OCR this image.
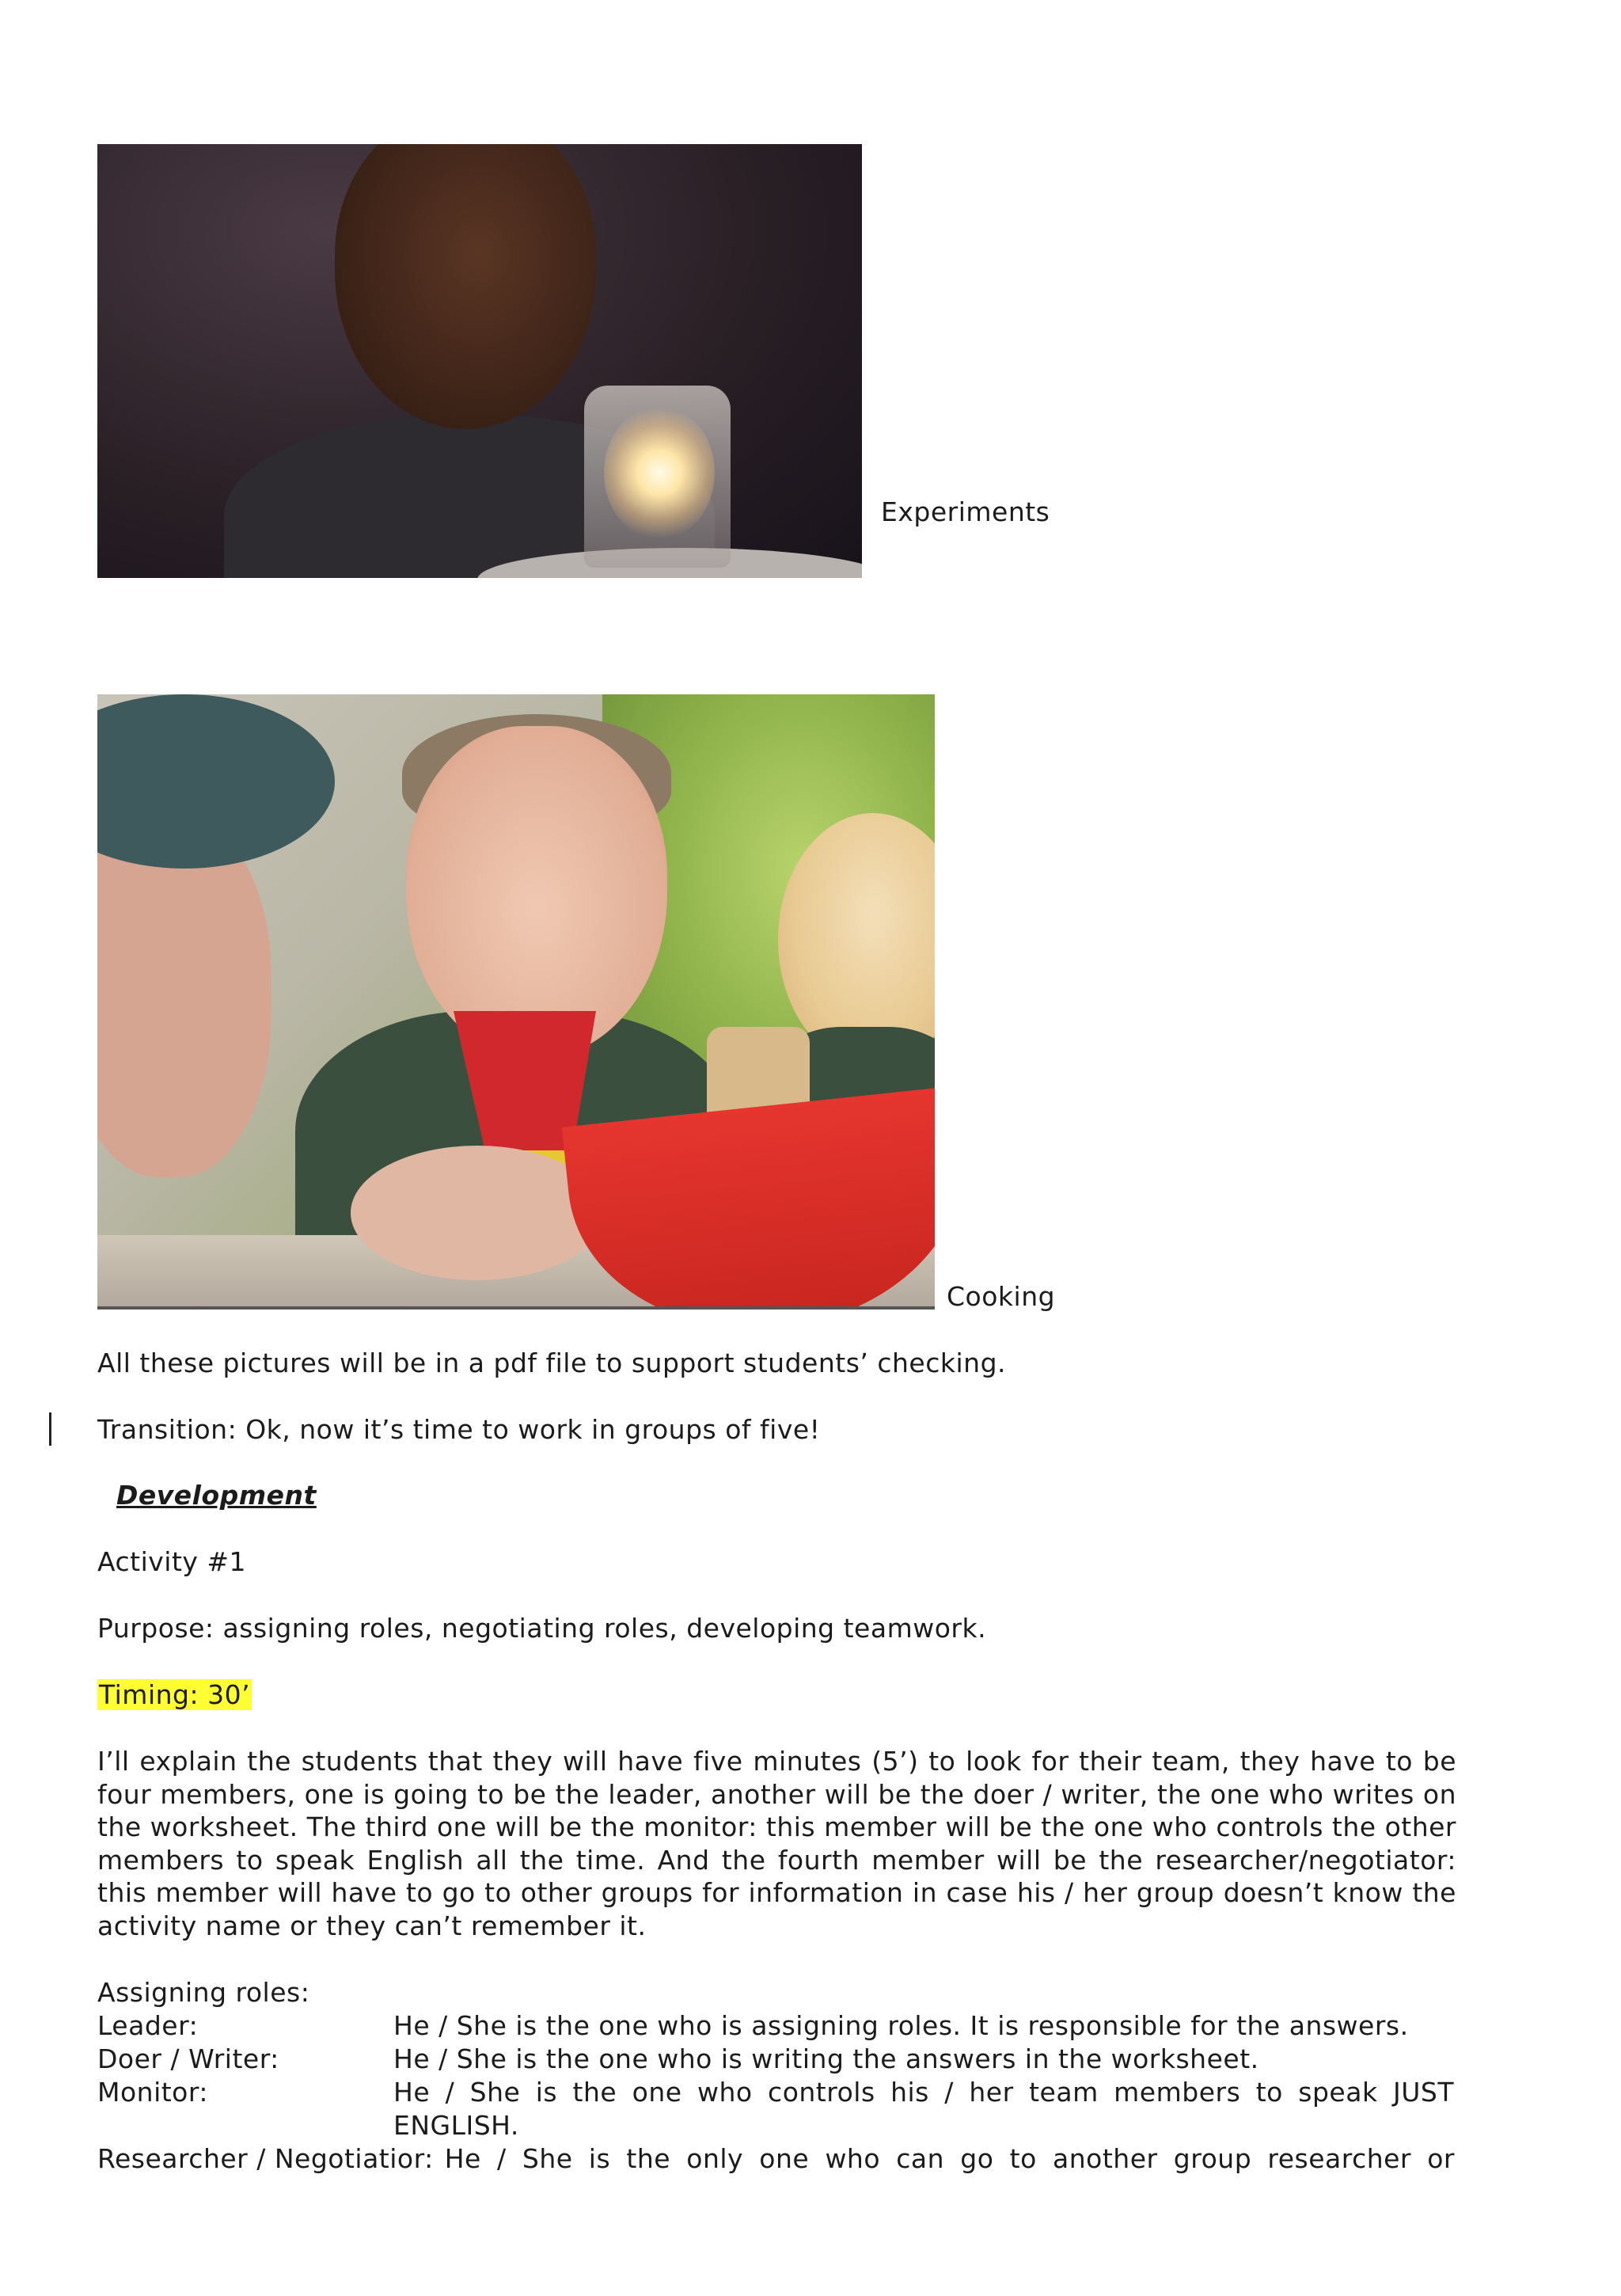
Experiments
Cooking
All these pictures will be in a pdf file to support students’ checking.
Transition: Ok, now it’s time to work in groups of five!
Development
Activity #1
Purpose: assigning roles, negotiating roles, developing teamwork.
Timing: 30’
I’ll explain the students that they will have five minutes (5’) to look for their team, they have to be four members, one is going to be the leader, another will be the doer / writer, the one who writes on the worksheet. The third one will be the monitor: this member will be the one who controls the other members to speak English all the time. And the fourth member will be the researcher/negotiator: this member will have to go to other groups for information in case his / her group doesn’t know the activity name or they can’t remember it.
Assigning roles:
Leader:	He / She is the one who is assigning roles. It is responsible for the answers.
Doer / Writer:	He / She is the one who is writing the answers in the worksheet.
Monitor:	He / She is the one who controls his / her team members to speak JUST
ENGLISH.
Researcher / Negotiatior: He / She is the only one who can go to another group researcher or
